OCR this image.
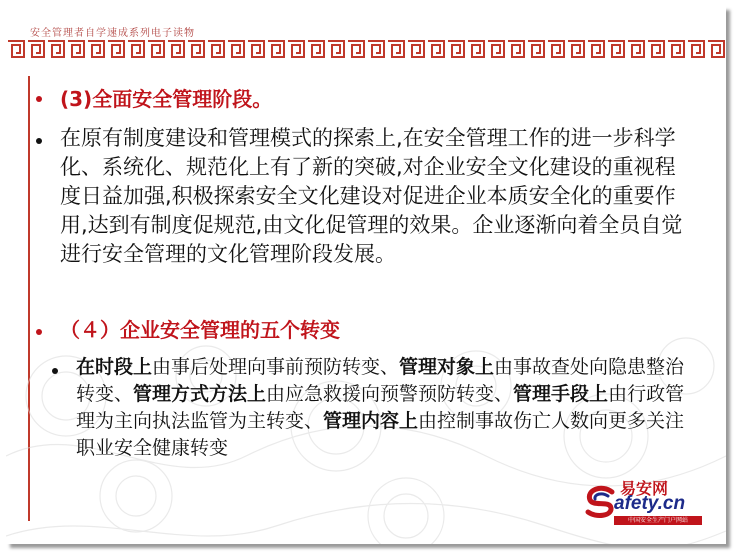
安全管理者自学速成系列电子读物

(3)全面安全管理阶段。

在原有制度建设和管理模式的探索上,在安全管理工作的进一步科学化、系统化、规范化上有了新的突破,对企业安全文化建设的重视程度日益加强,积极探索安全文化建设对促进企业本质安全化的重要作用,达到有制度促规范,由文化促管理的效果。企业逐渐向着全员自觉进行安全管理的文化管理阶段发展。

（４）企业安全管理的五个转变

在时段上由事后处理向事前预防转变、管理对象上由事故查处向隐患整治转变、管理方式方法上由应急救援向预警预防转变、管理手段上由行政管理为主向执法监管为主转变、管理内容上由控制事故伤亡人数向更多关注职业安全健康转变

易安网
afety.cn
中国安全生产门户网站
